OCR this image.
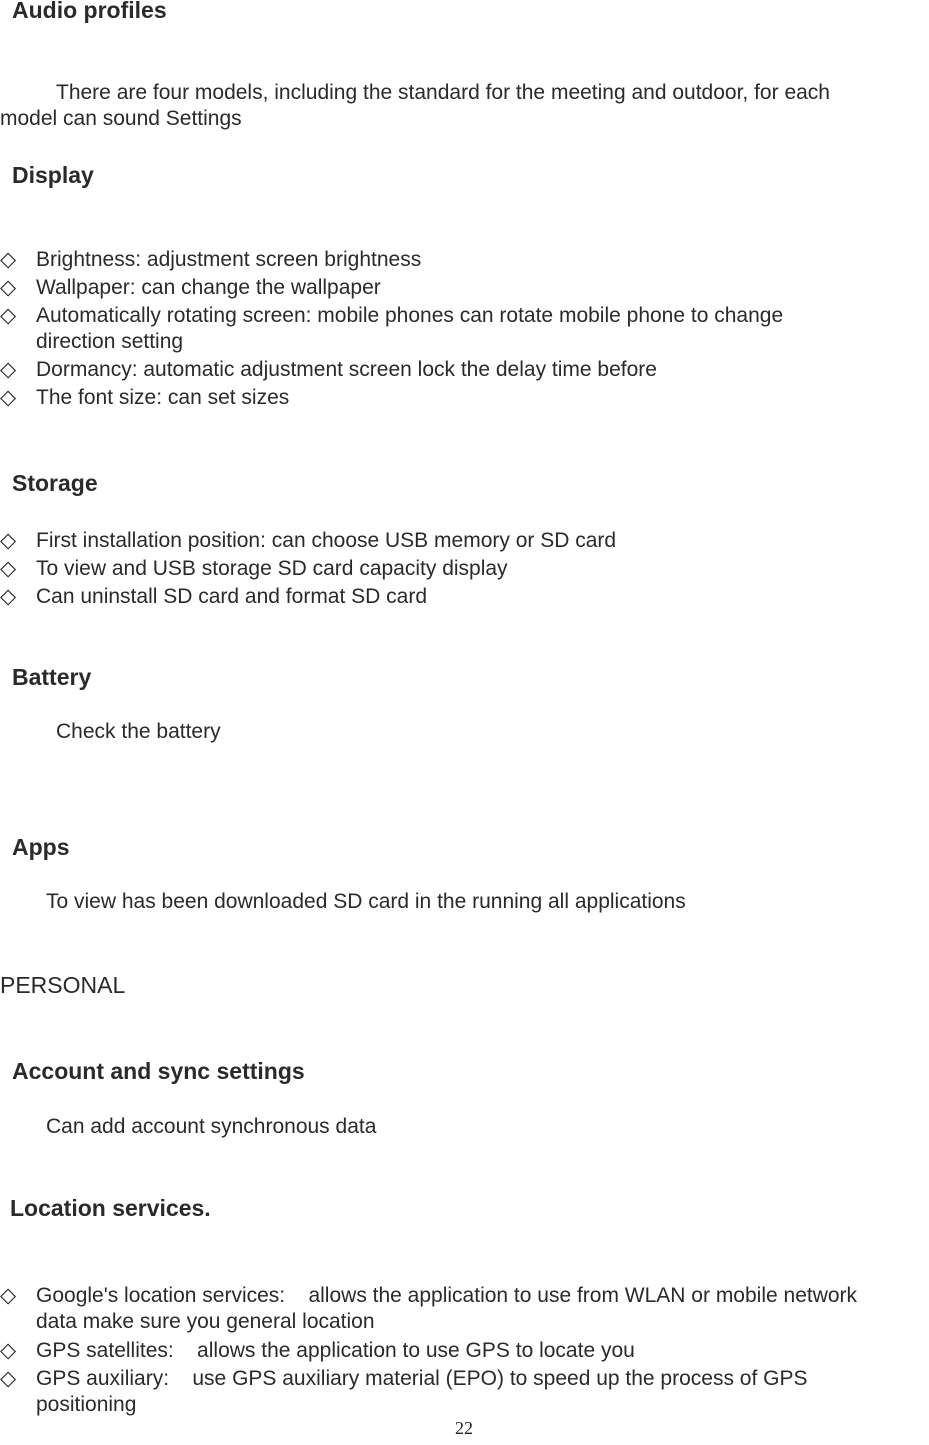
Audio profiles
There are four models, including the standard for the meeting and outdoor, for each
model can sound Settings
Display
◇ Brightness: adjustment screen brightness
◇ Wallpaper: can change the wallpaper
◇ Automatically rotating screen: mobile phones can rotate mobile phone to change
direction setting
◇ Dormancy: automatic adjustment screen lock the delay time before
◇ The font size: can set sizes
Storage
◇ First installation position: can choose USB memory or SD card
◇ To view and USB storage SD card capacity display
◇ Can uninstall SD card and format SD card
Battery
Check the battery
Apps
To view has been downloaded SD card in the running all applications
PERSONAL
Account and sync settings
Can add account synchronous data
Location services.
◇ Google's location services:    allows the application to use from WLAN or mobile network
data make sure you general location
◇ GPS satellites:    allows the application to use GPS to locate you
◇ GPS auxiliary:    use GPS auxiliary material (EPO) to speed up the process of GPS
positioning
22
